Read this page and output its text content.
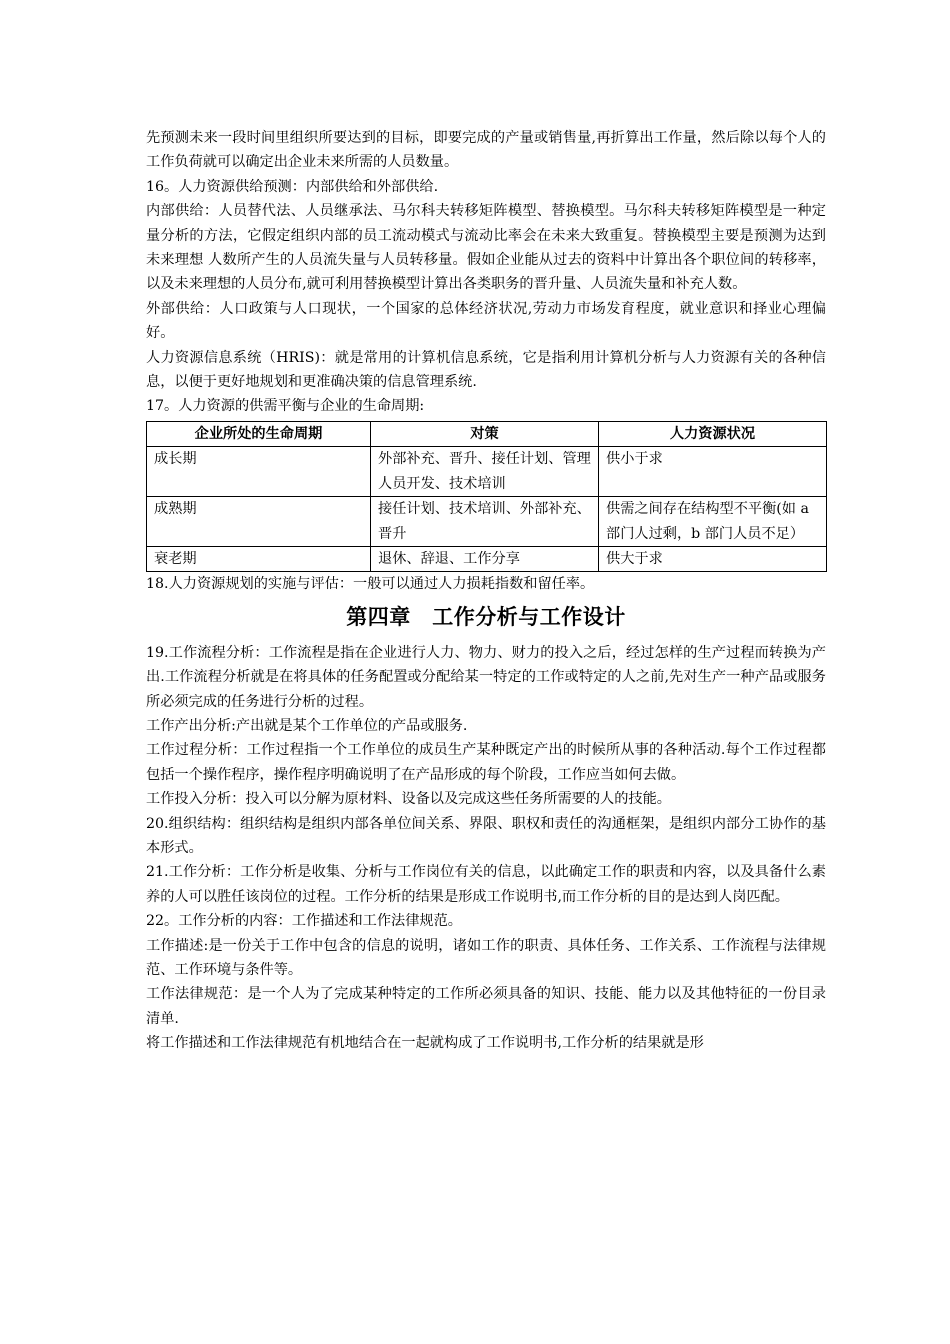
先预测未来一段时间里组织所要达到的目标，即要完成的产量或销售量,再折算出工作量，然后除以每个人的工作负荷就可以确定出企业未来所需的人员数量。

16。人力资源供给预测：内部供给和外部供给.

内部供给：人员替代法、人员继承法、马尔科夫转移矩阵模型、替换模型。马尔科夫转移矩阵模型是一种定量分析的方法，它假定组织内部的员工流动模式与流动比率会在未来大致重复。替换模型主要是预测为达到未来理想 人数所产生的人员流失量与人员转移量。假如企业能从过去的资料中计算出各个职位间的转移率，以及未来理想的人员分布,就可利用替换模型计算出各类职务的晋升量、人员流失量和补充人数。

外部供给：人口政策与人口现状，一个国家的总体经济状况,劳动力市场发育程度，就业意识和择业心理偏好。

人力资源信息系统（HRIS)：就是常用的计算机信息系统，它是指利用计算机分析与人力资源有关的各种信息，以便于更好地规划和更准确决策的信息管理系统.

17。人力资源的供需平衡与企业的生命周期:

企业所处的生命周期	对策	人力资源状况
成长期	外部补充、晋升、接任计划、管理人员开发、技术培训	供小于求
成熟期	接任计划、技术培训、外部补充、晋升	供需之间存在结构型不平衡(如 a 部门人过剩，b 部门人员不足）
衰老期	退休、辞退、工作分享	供大于求

18.人力资源规划的实施与评估：一般可以通过人力损耗指数和留任率。

第四章　工作分析与工作设计

19.工作流程分析：工作流程是指在企业进行人力、物力、财力的投入之后，经过怎样的生产过程而转换为产出.工作流程分析就是在将具体的任务配置或分配给某一特定的工作或特定的人之前,先对生产一种产品或服务所必须完成的任务进行分析的过程。

工作产出分析:产出就是某个工作单位的产品或服务.

工作过程分析：工作过程指一个工作单位的成员生产某种既定产出的时候所从事的各种活动.每个工作过程都包括一个操作程序，操作程序明确说明了在产品形成的每个阶段，工作应当如何去做。

工作投入分析：投入可以分解为原材料、设备以及完成这些任务所需要的人的技能。

20.组织结构：组织结构是组织内部各单位间关系、界限、职权和责任的沟通框架，是组织内部分工协作的基本形式。

21.工作分析：工作分析是收集、分析与工作岗位有关的信息，以此确定工作的职责和内容，以及具备什么素养的人可以胜任该岗位的过程。工作分析的结果是形成工作说明书,而工作分析的目的是达到人岗匹配。

22。工作分析的内容：工作描述和工作法律规范。

工作描述:是一份关于工作中包含的信息的说明，诸如工作的职责、具体任务、工作关系、工作流程与法律规范、工作环境与条件等。

工作法律规范：是一个人为了完成某种特定的工作所必须具备的知识、技能、能力以及其他特征的一份目录清单.

将工作描述和工作法律规范有机地结合在一起就构成了工作说明书,工作分析的结果就是形
